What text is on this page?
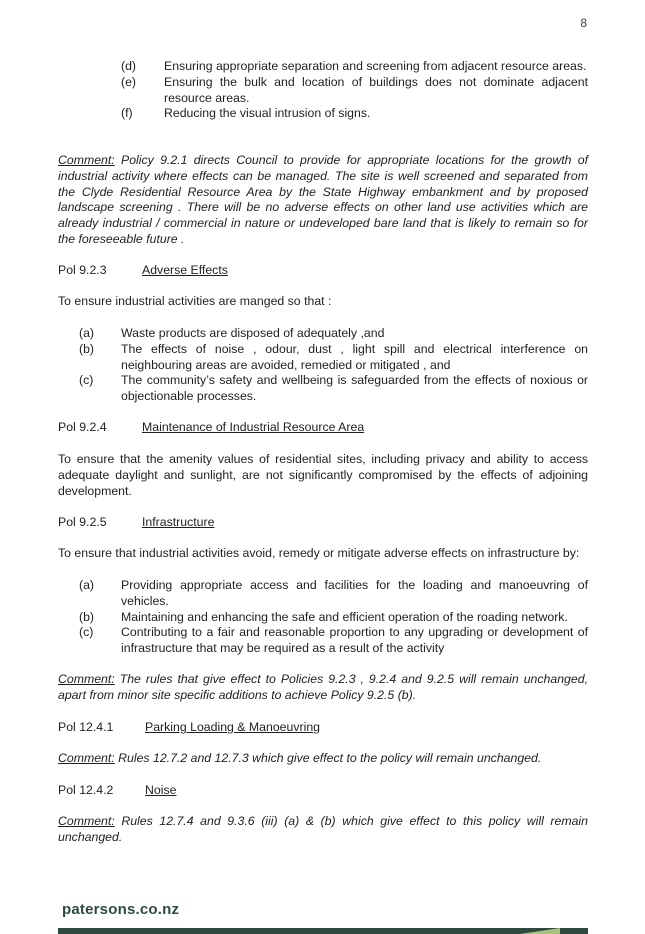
8
(d) Ensuring appropriate separation and screening from adjacent resource areas.
(e) Ensuring the bulk and location of buildings does not dominate adjacent resource areas.
(f)	Reducing the visual intrusion of signs.
Comment: Policy 9.2.1 directs Council to provide for appropriate locations for the growth of industrial activity where effects can be managed. The site is well screened and separated from the Clyde Residential Resource Area by the State Highway embankment and by proposed landscape screening . There will be no adverse effects on other land use activities which are already industrial / commercial in nature or undeveloped bare land that is likely to remain so for the foreseeable future .
Pol 9.2.3	Adverse Effects
To ensure industrial activities are manged so that :
(a) Waste products are disposed of adequately ,and
(b) The effects of noise , odour, dust , light spill and electrical interference on neighbouring areas are avoided, remedied or mitigated , and
(c) The community’s safety and wellbeing is safeguarded from the effects of noxious or objectionable processes.
Pol 9.2.4	Maintenance of Industrial Resource Area
To ensure that the amenity values of residential sites, including privacy and ability to access adequate daylight and sunlight, are not significantly compromised by the effects of adjoining development.
Pol 9.2.5	Infrastructure
To ensure that industrial activities avoid, remedy or mitigate adverse effects on infrastructure by:
(a) Providing appropriate access and facilities for the loading and manoeuvring of vehicles.
(b) Maintaining and enhancing the safe and efficient operation of the roading network.
(c) Contributing to a fair and reasonable proportion to any upgrading or development of infrastructure that may be required as a result of the activity
Comment: The rules that give effect to Policies 9.2.3 , 9.2.4 and 9.2.5 will remain unchanged, apart from minor site specific additions to achieve Policy 9.2.5 (b).
Pol 12.4.1	Parking Loading & Manoeuvring
Comment: Rules 12.7.2 and 12.7.3 which give effect to the policy will remain unchanged.
Pol 12.4.2	Noise
Comment: Rules 12.7.4 and 9.3.6 (iii) (a) & (b) which give effect to this policy will remain unchanged.
patersons.co.nz
